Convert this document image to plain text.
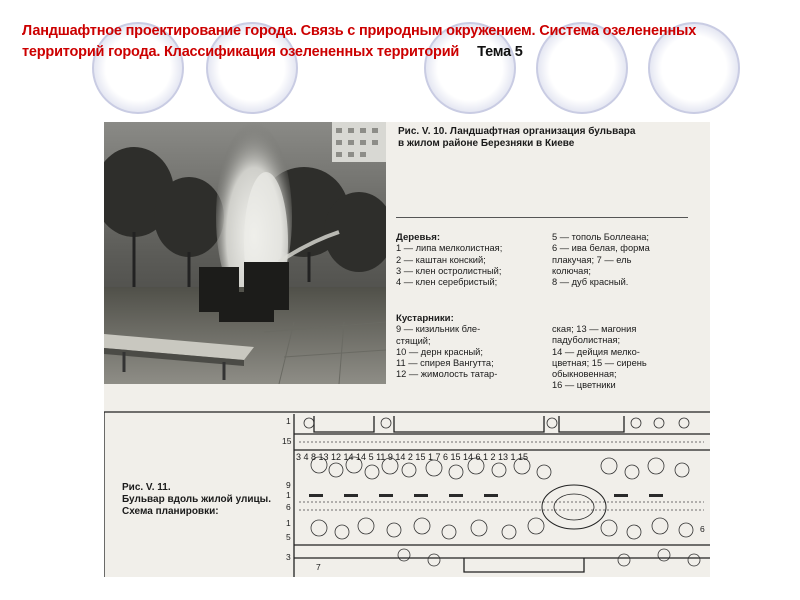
Ландшафтное проектирование города. Связь с природным окружением. Система озелененных территорий города. Классификация озелененных территорий Тема 5
Рис. V. 10. Ландшафтная организация бульвара
в жилом районе Березняки в Киеве
Деревья:
1 — липа мелколистная;
2 — каштан конский;
3 — клен остролистный;
4 — клен серебристый;
5 — тополь Боллеана;
6 — ива белая, форма
плакучая; 7 — ель
колючая;
8 — дуб красный.
Кустарники:
9 — кизильник бле-
стящий;
10 — дерн красный;
11 — спирея Вангутта;
12 — жимолость татар-
ская; 13 — магония
падуболистная;
14 — дейция мелко-
цветная; 15 — сирень
обыкновенная;
16 — цветники
3 4 8 13 12 14 14 5 11 9 14 2 15 1 7 6 15 14 6 1 2 13 1 15
1
15
9
1
6
1
5
3
6
7
Рис. V. 11.
Бульвар вдоль жилой улицы.
Схема планировки:
